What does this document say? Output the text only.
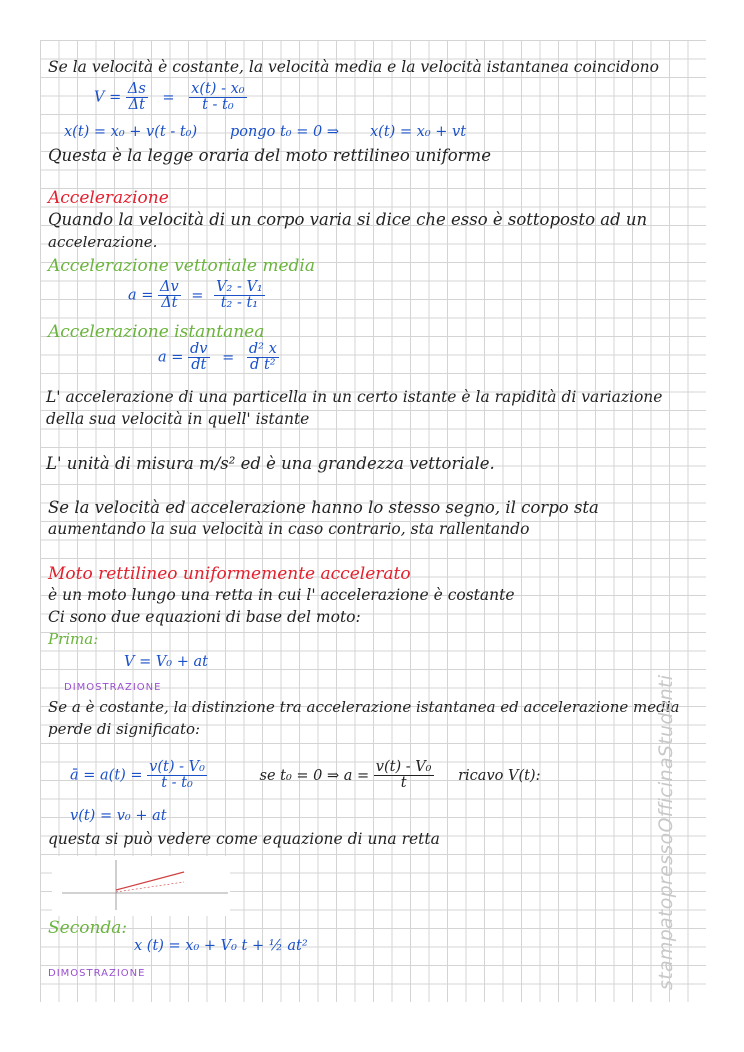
Se la velocità è costante, la velocità media e la velocità istantanea coincidono
$V = \frac{\Delta s}{\Delta t} = \frac{\text{x(t) - x₀}}{\text{t - t₀}}$
x(t) = x₀ + v(t - t₀) pongo t₀ = 0 ⇒ x(t) = x₀ + vt
Questa è la legge oraria del moto rettilineo uniforme
Accelerazione
Quando la velocità di un corpo varia si dice che esso è sottoposto ad un
accelerazione.
Accelerazione vettoriale media
$a = \frac{\Delta v}{\Delta t} = \frac{\text{V₂ - V₁}}{\text{t₂ - t₁}}$
Accelerazione istantanea
$a = \frac{dv}{dt} = \frac{\text{d² x}}{\text{d t²}}$
L' accelerazione di una particella in un certo istante è la rapidità di variazione
della sua velocità in quell' istante
L' unità di misura m/s² ed è una grandezza vettoriale.
Se la velocità ed accelerazione hanno lo stesso segno, il corpo sta
aumentando la sua velocità in caso contrario, sta rallentando
Moto rettilineo uniformemente accelerato
è un moto lungo una retta in cui l' accelerazione è costante
Ci sono due equazioni di base del moto:
Prima:
V = V₀ + at
DIMOSTRAZIONE
Se a è costante, la distinzione tra accelerazione istantanea ed accelerazione media
perde di significato:
ā = $a(t) = \frac{\text{v(t) - V₀}}{\text{t - t₀}}$	se t₀ = 0 ⇒ $a = \frac{\text{v(t) - V₀}}{t}$ ricavo V(t):
v(t) = v₀ + at
questa si può vedere come equazione di una retta
Seconda:
x (t) = x₀ + V₀ t + ½ at²
DIMOSTRAZIONE	stampatopressoOfficinaStudenti
